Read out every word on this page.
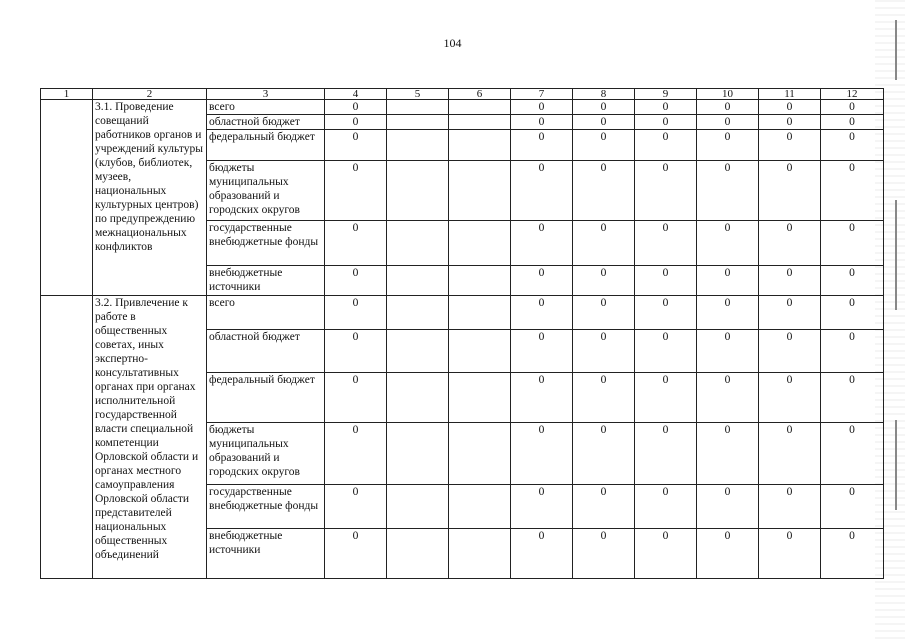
104
1	2	3	4	5	6	7	8	9	10	11	12
	3.1. Проведение совещаний работников органов и учреждений культуры (клубов, библиотек, музеев, национальных культурных центров) по предупреждению межнациональных конфликтов	всего	0			0	0	0	0	0	0
		областной бюджет	0			0	0	0	0	0	0
		федеральный бюджет	0			0	0	0	0	0	0
		бюджеты муниципальных образований и городских округов	0			0	0	0	0	0	0
		государственные внебюджетные фонды	0			0	0	0	0	0	0
		внебюджетные источники	0			0	0	0	0	0	0
	3.2. Привлечение к работе в общественных советах, иных экспертно-консультативных органах при органах исполнительной государственной власти специальной компетенции Орловской области и органах местного самоуправления Орловской области представителей национальных общественных объединений	всего	0			0	0	0	0	0	0
		областной бюджет	0			0	0	0	0	0	0
		федеральный бюджет	0			0	0	0	0	0	0
		бюджеты муниципальных образований и городских округов	0			0	0	0	0	0	0
		государственные внебюджетные фонды	0			0	0	0	0	0	0
		внебюджетные источники	0			0	0	0	0	0	0
